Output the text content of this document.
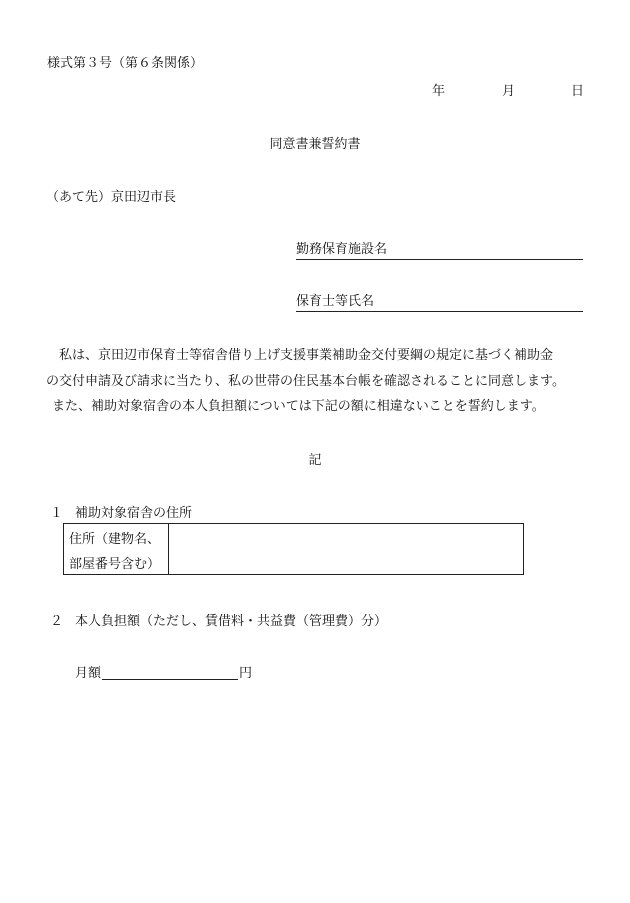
様式第３号（第６条関係）
年	月	日
同意書兼誓約書
（あて先）京田辺市長
勤務保育施設名
保育士等氏名

私は、京田辺市保育士等宿舎借り上げ支援事業補助金交付要綱の規定に基づく補助金

の交付申請及び請求に当たり、私の世帯の住民基本台帳を確認されることに同意します。

また、補助対象宿舎の本人負担額については下記の額に相違ないことを誓約します。

記
１ 補助対象宿舎の住所
住所（建物名、
部屋番号含む）
２ 本人負担額（ただし、賃借料・共益費（管理費）分）
月額	円
